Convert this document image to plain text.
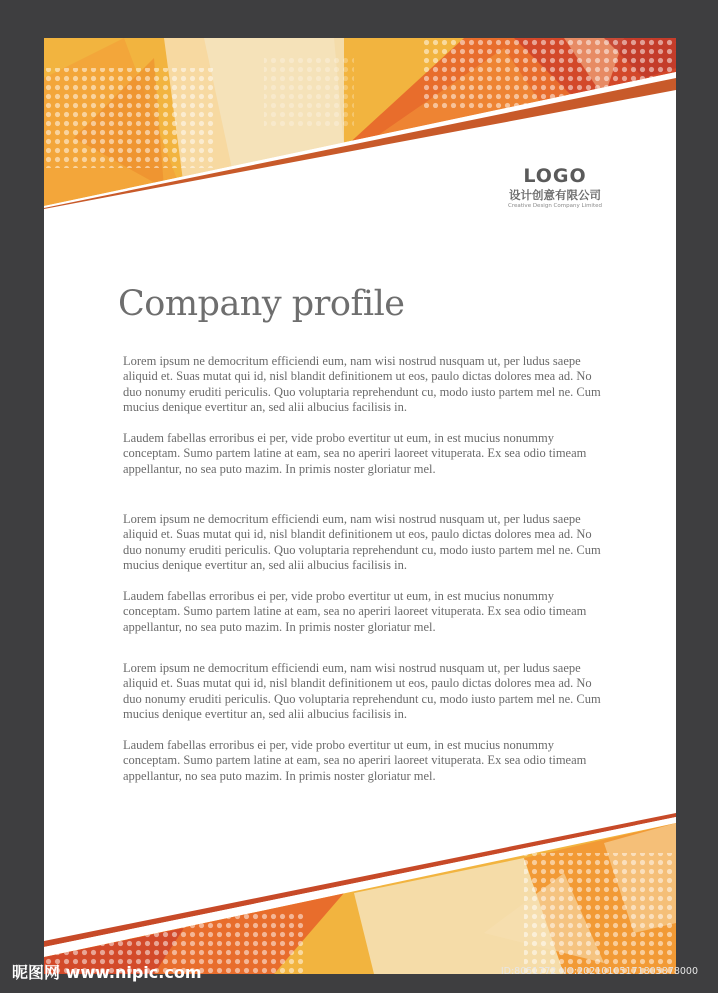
LOGO
设计创意有限公司
Creative Design Company Limited
Company profile

Lorem ipsum ne democritum efficiendi eum, nam wisi nostrud nusquam ut, per ludus saepe aliquid et. Suas mutat qui id, nisl blandit definitionem ut eos, paulo dictas dolores mea ad. No duo nonumy eruditi periculis. Quo voluptaria reprehendunt cu, modo iusto partem mel ne. Cum mucius denique evertitur an, sed alii albucius facilisis in.

Laudem fabellas erroribus ei per, vide probo evertitur ut eum, in est mucius nonummy conceptam. Sumo partem latine at eam, sea no aperiri laoreet vituperata. Ex sea odio timeam appellantur, no sea puto mazim. In primis noster gloriatur mel.

Lorem ipsum ne democritum efficiendi eum, nam wisi nostrud nusquam ut, per ludus saepe aliquid et. Suas mutat qui id, nisl blandit definitionem ut eos, paulo dictas dolores mea ad. No duo nonumy eruditi periculis. Quo voluptaria reprehendunt cu, modo iusto partem mel ne. Cum mucius denique evertitur an, sed alii albucius facilisis in.

Laudem fabellas erroribus ei per, vide probo evertitur ut eum, in est mucius nonummy conceptam. Sumo partem latine at eam, sea no aperiri laoreet vituperata. Ex sea odio timeam appellantur, no sea puto mazim. In primis noster gloriatur mel.

Lorem ipsum ne democritum efficiendi eum, nam wisi nostrud nusquam ut, per ludus saepe aliquid et. Suas mutat qui id, nisl blandit definitionem ut eos, paulo dictas dolores mea ad. No duo nonumy eruditi periculis. Quo voluptaria reprehendunt cu, modo iusto partem mel ne. Cum mucius denique evertitur an, sed alii albucius facilisis in.

Laudem fabellas erroribus ei per, vide probo evertitur ut eum, in est mucius nonummy conceptam. Sumo partem latine at eam, sea no aperiri laoreet vituperata. Ex sea odio timeam appellantur, no sea puto mazim. In primis noster gloriatur mel.

昵图网 www.nipic.com	ID:8051772 NO:20210105171805878000
